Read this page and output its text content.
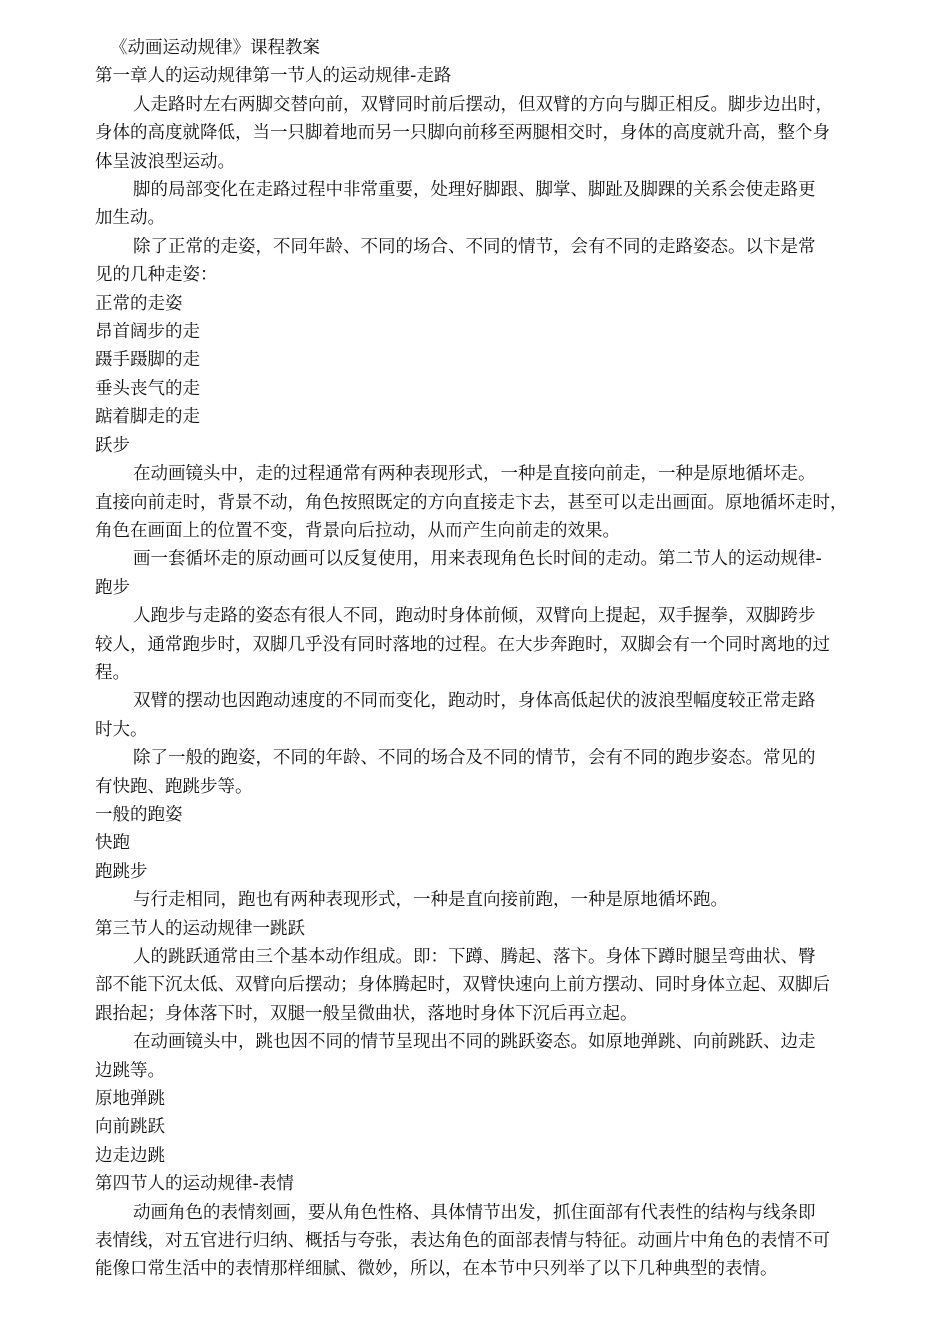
《动画运动规律》课程教案
第一章人的运动规律第一节人的运动规律-走路
人走路时左右两脚交替向前，双臂同时前后摆动，但双臂的方向与脚正相反。脚步边出时，
身体的高度就降低，当一只脚着地而另一只脚向前移至两腿相交时，身体的高度就升高，整个身
体呈波浪型运动。
脚的局部变化在走路过程中非常重要，处理好脚跟、脚掌、脚趾及脚踝的关系会使走路更
加生动。
除了正常的走姿，不同年龄、不同的场合、不同的情节，会有不同的走路姿态。以卞是常
见的几种走姿：
正常的走姿
昂首阔步的走
蹑手蹑脚的走
垂头丧气的走
踮着脚走的走
跃步
在动画镜头中，走的过程通常有两种表现形式，一种是直接向前走，一种是原地循坏走。
直接向前走时，背景不动，角色按照既定的方向直接走卞去，甚至可以走出画面。原地循坏走时，
角色在画面上的位置不变，背景向后拉动，从而产生向前走的效果。
画一套循坏走的原动画可以反复使用，用来表现角色长时间的走动。第二节人的运动规律-
跑步
人跑步与走路的姿态有很人不同，跑动时身体前倾，双臂向上提起，双手握拳，双脚跨步
较人，通常跑步时，双脚几乎没有同时落地的过程。在大步奔跑时，双脚会有一个同时离地的过
程。
双臂的摆动也因跑动速度的不同而变化，跑动时，身体高低起伏的波浪型幅度较正常走路
时大。
除了一般的跑姿，不同的年龄、不同的场合及不同的情节，会有不同的跑步姿态。常见的
有快跑、跑跳步等。
一般的跑姿
快跑
跑跳步
与行走相同，跑也有两种表现形式，一种是直向接前跑，一种是原地循坏跑。
第三节人的运动规律一跳跃
人的跳跃通常由三个基本动作组成。即：下蹲、腾起、落卞。身体下蹲时腿呈弯曲状、臀
部不能下沉太低、双臂向后摆动；身体腾起时，双臂快速向上前方摆动、同时身体立起、双脚后
跟抬起；身体落下时，双腿一般呈微曲状，落地时身体下沉后再立起。
在动画镜头中，跳也因不同的情节呈现出不同的跳跃姿态。如原地弹跳、向前跳跃、边走
边跳等。
原地弹跳
向前跳跃
边走边跳
第四节人的运动规律-表情
动画角色的表情刻画，要从角色性格、具体情节出发，抓住面部有代表性的结构与线条即
表情线，对五官进行归纳、概括与夸张，表达角色的面部表情与特征。动画片中角色的表情不可
能像口常生活中的表情那样细腻、微妙，所以，在本节中只列举了以下几种典型的表情。
